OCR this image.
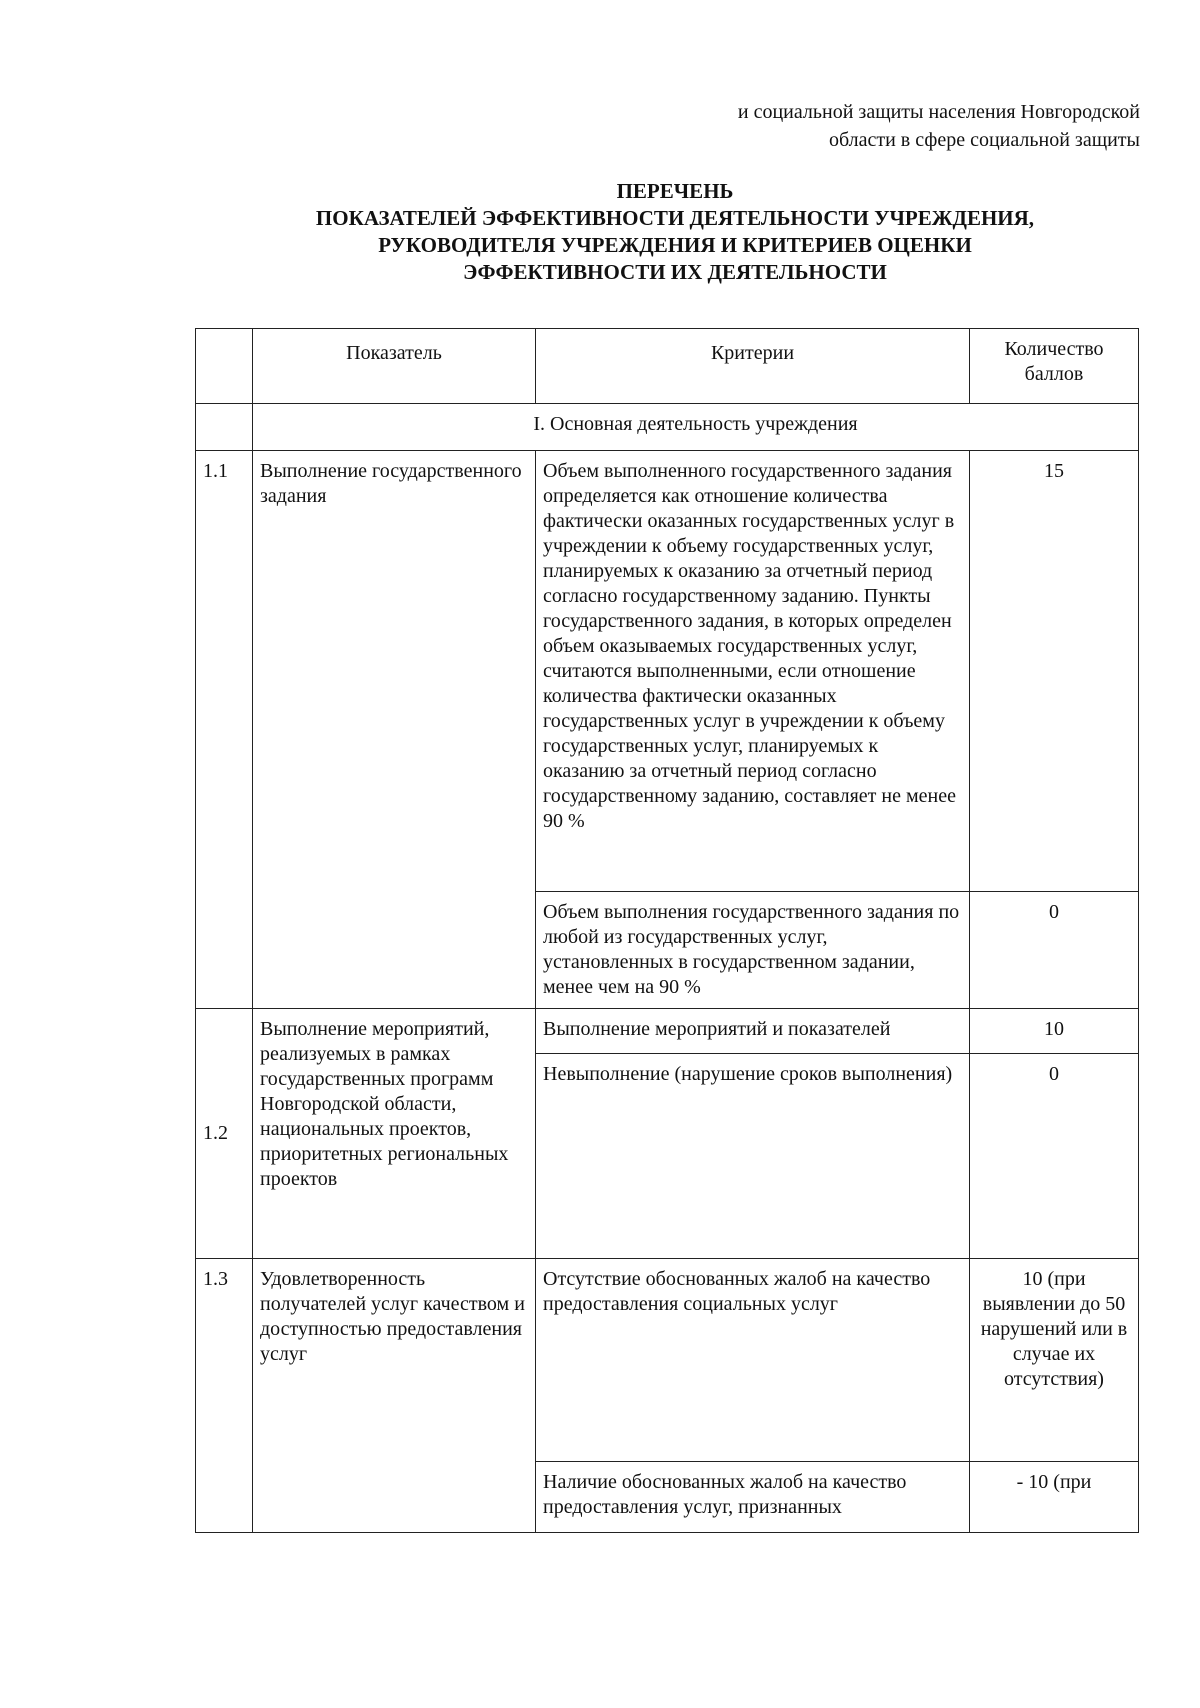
и социальной защиты населения Новгородской
области в сфере социальной защиты
ПЕРЕЧЕНЬ
ПОКАЗАТЕЛЕЙ ЭФФЕКТИВНОСТИ ДЕЯТЕЛЬНОСТИ УЧРЕЖДЕНИЯ,
РУКОВОДИТЕЛЯ УЧРЕЖДЕНИЯ И КРИТЕРИЕВ ОЦЕНКИ
ЭФФЕКТИВНОСТИ ИХ ДЕЯТЕЛЬНОСТИ
	Показатель	Критерии	Количество баллов
	I. Основная деятельность учреждения		
1.1	Выполнение государственного задания	Объем выполненного государственного задания определяется как отношение количества фактически оказанных государственных услуг в учреждении к объему государственных услуг, планируемых к оказанию за отчетный период согласно государственному заданию. Пункты государственного задания, в которых определен объем оказываемых государственных услуг, считаются выполненными, если отношение количества фактически оказанных государственных услуг в учреждении к объему государственных услуг, планируемых к оказанию за отчетный период согласно государственному заданию, составляет не менее 90 %	15
		Объем выполнения государственного задания по любой из государственных услуг, установленных в государственном задании, менее чем на 90 %	0
1.2	Выполнение мероприятий, реализуемых в рамках государственных программ Новгородской области, национальных проектов, приоритетных региональных проектов	Выполнение мероприятий и показателей	10
		Невыполнение (нарушение сроков выполнения)	0
1.3	Удовлетворенность получателей услуг качеством и доступностью предоставления услуг	Отсутствие обоснованных жалоб на качество предоставления социальных услуг	10 (при выявлении до 50 нарушений или в случае их отсутствия)
		Наличие обоснованных жалоб на качество предоставления услуг, признанных	- 10 (при
